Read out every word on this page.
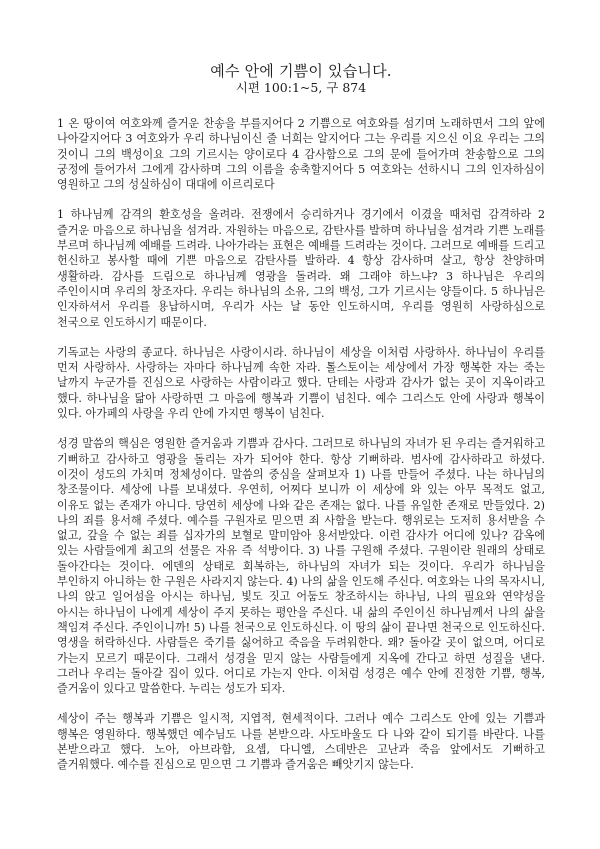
예수 안에 기쁨이 있습니다.
시편 100:1~5, 구 874

1 온 땅이여 여호와께 즐거운 찬송을 부를지어다 2 기쁨으로 여호와를 섬기며 노래하면서 그의 앞에 나아갈지어다 3 여호와가 우리 하나님이신 줄 너희는 알지어다 그는 우리를 지으신 이요 우리는 그의 것이니 그의 백성이요 그의 기르시는 양이로다 4 감사함으로 그의 문에 들어가며 찬송함으로 그의 궁정에 들어가서 그에게 감사하며 그의 이름을 송축할지어다 5 여호와는 선하시니 그의 인자하심이 영원하고 그의 성실하심이 대대에 이르리로다

1 하나님께 감격의 환호성을 올려라. 전쟁에서 승리하거나 경기에서 이겼을 때처럼 감격하라 2 즐거운 마음으로 하나님을 섬겨라. 자원하는 마음으로, 감탄사를 발하며 하나님을 섬겨라 기쁜 노래를 부르며 하나님께 예배를 드려라. 나아가라는 표현은 예배를 드려라는 것이다. 그러므로 예배를 드리고 헌신하고 봉사할 때에 기쁜 마음으로 감탄사를 발하라. 4 항상 감사하며 살고, 항상 찬양하며 생활하라. 감사를 드림으로 하나님께 영광을 돌려라. 왜 그래야 하느냐? 3 하나님은 우리의 주인이시며 우리의 창조자다. 우리는 하나님의 소유, 그의 백성, 그가 기르시는 양들이다. 5 하나님은 인자하셔서 우리를 용납하시며, 우리가 사는 날 동안 인도하시며, 우리를 영원히 사랑하심으로 천국으로 인도하시기 때문이다.

기독교는 사랑의 종교다. 하나님은 사랑이시라. 하나님이 세상을 이처럼 사랑하사. 하나님이 우리를 먼저 사랑하사. 사랑하는 자마다 하나님께 속한 자라. 톨스토이는 세상에서 가장 행복한 자는 죽는 날까지 누군가를 진심으로 사랑하는 사람이라고 했다. 단테는 사랑과 감사가 없는 곳이 지옥이라고 했다. 하나님을 닮아 사랑하면 그 마음에 행복과 기쁨이 넘친다. 예수 그리스도 안에 사랑과 행복이 있다. 아가페의 사랑을 우리 안에 가지면 행복이 넘친다.

성경 말씀의 핵심은 영원한 즐거움과 기쁨과 감사다. 그러므로 하나님의 자녀가 된 우리는 즐거워하고 기뻐하고 감사하고 영광을 돌리는 자가 되어야 한다. 항상 기뻐하라. 범사에 감사하라고 하셨다. 이것이 성도의 가치며 정체성이다. 말씀의 중심을 살펴보자 1) 나를 만들어 주셨다. 나는 하나님의 창조물이다. 세상에 나를 보내셨다. 우연히, 어찌다 보니까 이 세상에 와 있는 아무 목적도 없고, 이유도 없는 존재가 아니다. 당연히 세상에 나와 같은 존재는 없다. 나를 유일한 존재로 만들었다. 2) 나의 죄를 용서해 주셨다. 예수를 구원자로 믿으면 죄 사함을 받는다. 행위로는 도저히 용서받을 수 없고, 갚을 수 없는 죄를 십자가의 보혈로 말미암아 용서받았다. 이런 감사가 어디에 있나? 감옥에 있는 사람들에게 최고의 선물은 자유 즉 석방이다. 3) 나를 구원해 주셨다. 구원이란 원래의 상태로 돌아간다는 것이다. 에덴의 상태로 회복하는, 하나님의 자녀가 되는 것이다. 우리가 하나님을 부인하지 아니하는 한 구원은 사라지지 않는다. 4) 나의 삶을 인도해 주신다. 여호와는 나의 목자시니, 나의 앉고 일어섬을 아시는 하나님, 빛도 짓고 어둠도 창조하시는 하나님, 나의 필요와 연약성을 아시는 하나님이 나에게 세상이 주지 못하는 평안을 주신다. 내 삶의 주인이신 하나님께서 나의 삶을 책임져 주신다. 주인이니까! 5) 나를 천국으로 인도하신다. 이 땅의 삶이 끝나면 천국으로 인도하신다. 영생을 허락하신다. 사람들은 죽기를 싫어하고 죽음을 두려워한다. 왜? 돌아갈 곳이 없으며, 어디로 가는지 모르기 때문이다. 그래서 성경을 믿지 않는 사람들에게 지옥에 간다고 하면 성질을 낸다. 그러나 우리는 돌아갈 집이 있다. 어디로 가는지 안다. 이처럼 성경은 예수 안에 진정한 기쁨, 행복, 즐거움이 있다고 말씀한다. 누리는 성도가 되자.

세상이 주는 행복과 기쁨은 일시적, 지엽적, 현세적이다. 그러나 예수 그리스도 안에 있는 기쁨과 행복은 영원하다. 행복했던 예수님도 나를 본받으라. 사도바울도 다 나와 같이 되기를 바란다. 나를 본받으라고 했다. 노아, 아브라함, 요셉, 다니엘, 스데반은 고난과 죽음 앞에서도 기뻐하고 즐거워했다. 예수를 진심으로 믿으면 그 기쁨과 즐거움은 빼앗기지 않는다.
